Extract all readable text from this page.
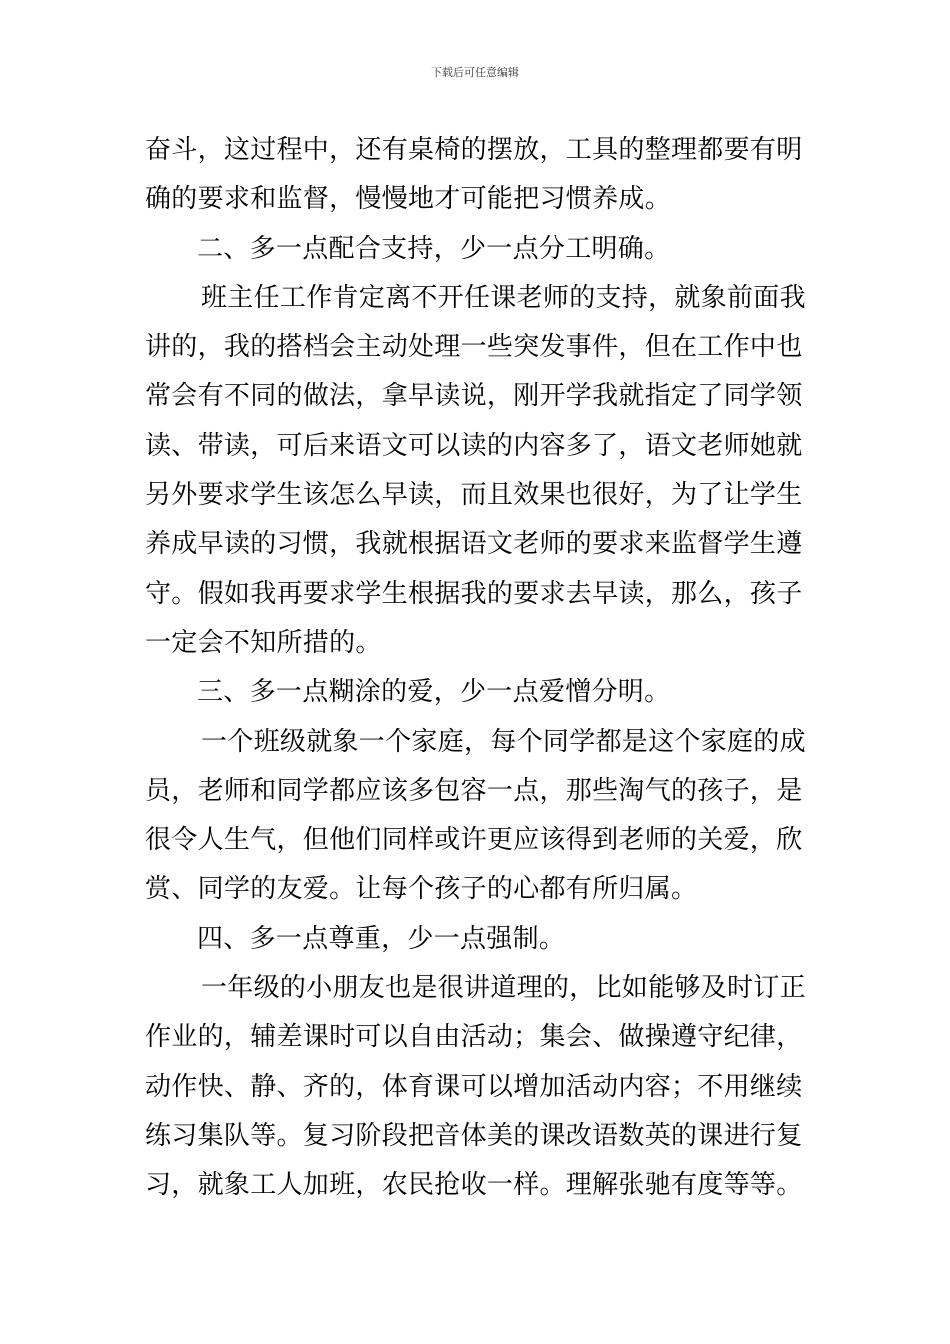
下载后可任意编辑
奋斗，这过程中，还有桌椅的摆放，工具的整理都要有明
确的要求和监督，慢慢地才可能把习惯养成。
二、多一点配合支持，少一点分工明确。
班主任工作肯定离不开任课老师的支持，就象前面我
讲的，我的搭档会主动处理一些突发事件，但在工作中也
常会有不同的做法，拿早读说，刚开学我就指定了同学领
读、带读，可后来语文可以读的内容多了，语文老师她就
另外要求学生该怎么早读，而且效果也很好，为了让学生
养成早读的习惯，我就根据语文老师的要求来监督学生遵
守。假如我再要求学生根据我的要求去早读，那么，孩子
一定会不知所措的。
三、多一点糊涂的爱，少一点爱憎分明。
一个班级就象一个家庭，每个同学都是这个家庭的成
员，老师和同学都应该多包容一点，那些淘气的孩子，是
很令人生气，但他们同样或许更应该得到老师的关爱，欣
赏、同学的友爱。让每个孩子的心都有所归属。
四、多一点尊重，少一点强制。
一年级的小朋友也是很讲道理的，比如能够及时订正
作业的，辅差课时可以自由活动；集会、做操遵守纪律，
动作快、静、齐的，体育课可以增加活动内容；不用继续
练习集队等。复习阶段把音体美的课改语数英的课进行复
习，就象工人加班，农民抢收一样。理解张驰有度等等。
